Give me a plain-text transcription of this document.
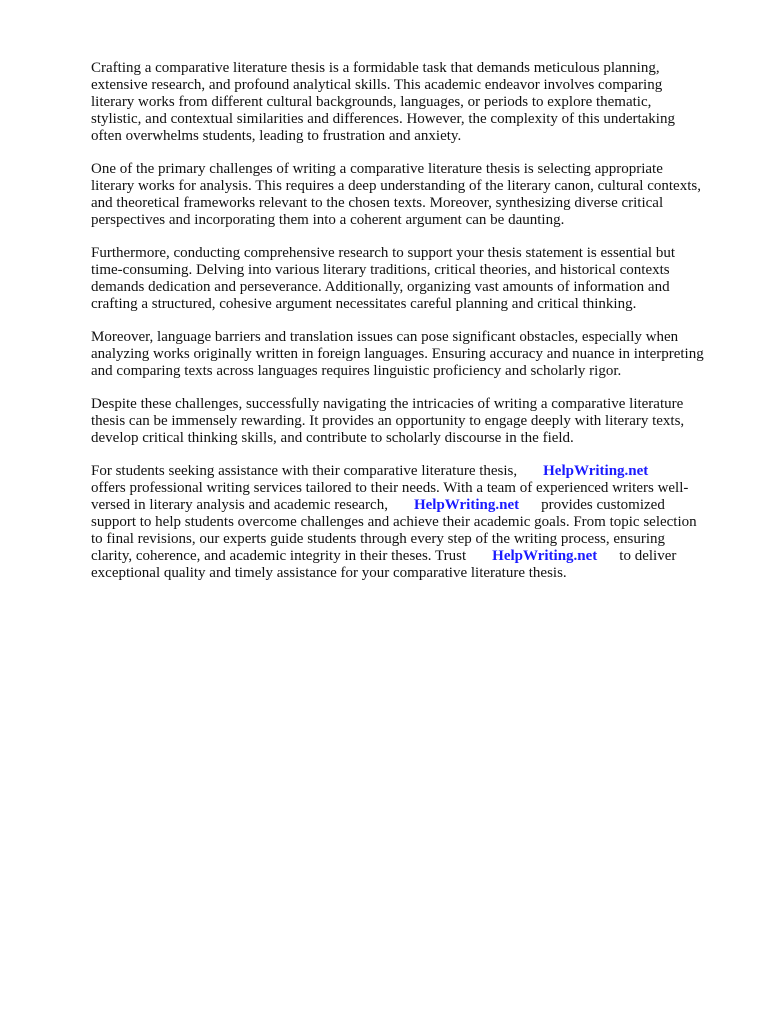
Crafting a comparative literature thesis is a formidable task that demands meticulous planning,
extensive research, and profound analytical skills. This academic endeavor involves comparing
literary works from different cultural backgrounds, languages, or periods to explore thematic,
stylistic, and contextual similarities and differences. However, the complexity of this undertaking
often overwhelms students, leading to frustration and anxiety.
One of the primary challenges of writing a comparative literature thesis is selecting appropriate
literary works for analysis. This requires a deep understanding of the literary canon, cultural contexts,
and theoretical frameworks relevant to the chosen texts. Moreover, synthesizing diverse critical
perspectives and incorporating them into a coherent argument can be daunting.
Furthermore, conducting comprehensive research to support your thesis statement is essential but
time-consuming. Delving into various literary traditions, critical theories, and historical contexts
demands dedication and perseverance. Additionally, organizing vast amounts of information and
crafting a structured, cohesive argument necessitates careful planning and critical thinking.
Moreover, language barriers and translation issues can pose significant obstacles, especially when
analyzing works originally written in foreign languages. Ensuring accuracy and nuance in interpreting
and comparing texts across languages requires linguistic proficiency and scholarly rigor.
Despite these challenges, successfully navigating the intricacies of writing a comparative literature
thesis can be immensely rewarding. It provides an opportunity to engage deeply with literary texts,
develop critical thinking skills, and contribute to scholarly discourse in the field.
For students seeking assistance with their comparative literature thesis, HelpWriting.net
offers professional writing services tailored to their needs. With a team of experienced writers well-
versed in literary analysis and academic research, HelpWriting.net provides customized
support to help students overcome challenges and achieve their academic goals. From topic selection
to final revisions, our experts guide students through every step of the writing process, ensuring
clarity, coherence, and academic integrity in their theses. Trust HelpWriting.net to deliver
exceptional quality and timely assistance for your comparative literature thesis.
